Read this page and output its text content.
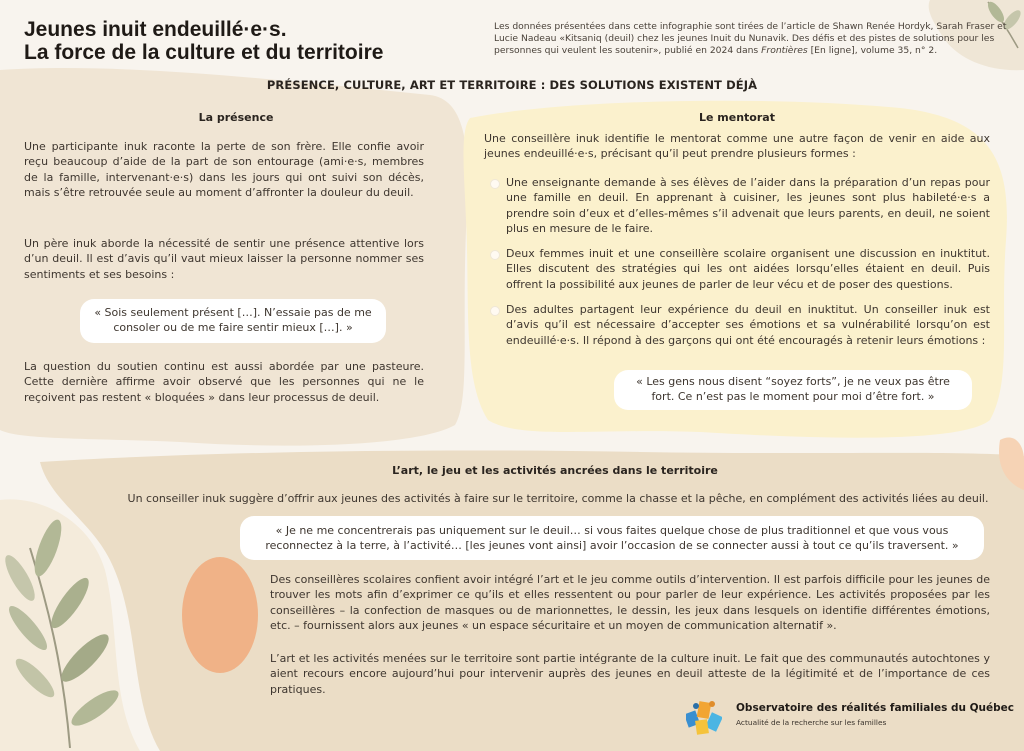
Jeunes inuit endeuillé·e·s.
La force de la culture et du territoire
Les données présentées dans cette infographie sont tirées de l’article de Shawn Renée Hordyk, Sarah Fraser et Lucie Nadeau «Kitsaniq (deuil) chez les jeunes Inuit du Nunavik. Des défis et des pistes de solutions pour les personnes qui veulent les soutenir», publié en 2024 dans Frontières [En ligne], volume 35, n° 2.
PRÉSENCE, CULTURE, ART ET TERRITOIRE : DES SOLUTIONS EXISTENT DÉJÀ
La présence
Une participante inuk raconte la perte de son frère. Elle confie avoir reçu beaucoup d’aide de la part de son entourage (ami·e·s, membres de la famille, intervenant·e·s) dans les jours qui ont suivi son décès, mais s’être retrouvée seule au moment d’affronter la douleur du deuil.
Un père inuk aborde la nécessité de sentir une présence attentive lors d’un deuil. Il est d’avis qu’il vaut mieux laisser la personne nommer ses sentiments et ses besoins :
« Sois seulement présent […]. N’essaie pas de me consoler ou de me faire sentir mieux […]. »
La question du soutien continu est aussi abordée par une pasteure. Cette dernière affirme avoir observé que les personnes qui ne le reçoivent pas restent « bloquées » dans leur processus de deuil.
Le mentorat
Une conseillère inuk identifie le mentorat comme une autre façon de venir en aide aux jeunes endeuillé·e·s, précisant qu’il peut prendre plusieurs formes :
Une enseignante demande à ses élèves de l’aider dans la préparation d’un repas pour une famille en deuil. En apprenant à cuisiner, les jeunes sont plus habileté·e·s a prendre soin d’eux et d’elles-mêmes s’il advenait que leurs parents, en deuil, ne soient plus en mesure de le faire.
Deux femmes inuit et une conseillère scolaire organisent une discussion en inuktitut. Elles discutent des stratégies qui les ont aidées lorsqu’elles étaient en deuil. Puis offrent la possibilité aux jeunes de parler de leur vécu et de poser des questions.
Des adultes partagent leur expérience du deuil en inuktitut. Un conseiller inuk est d’avis qu’il est nécessaire d’accepter ses émotions et sa vulnérabilité lorsqu’on est endeuillé·e·s. Il répond à des garçons qui ont été encouragés à retenir leurs émotions :
« Les gens nous disent “soyez forts”, je ne veux pas être fort. Ce n’est pas le moment pour moi d’être fort. »
L’art, le jeu et les activités ancrées dans le territoire
Un conseiller inuk suggère d’offrir aux jeunes des activités à faire sur le territoire, comme la chasse et la pêche, en complément des activités liées au deuil.
« Je ne me concentrerais pas uniquement sur le deuil… si vous faites quelque chose de plus traditionnel et que vous vous reconnectez à la terre, à l’activité… [les jeunes vont ainsi] avoir l’occasion de se connecter aussi à tout ce qu’ils traversent. »
Des conseillères scolaires confient avoir intégré l’art et le jeu comme outils d’intervention. Il est parfois difficile pour les jeunes de trouver les mots afin d’exprimer ce qu’ils et elles ressentent ou pour parler de leur expérience. Les activités proposées par les conseillères – la confection de masques ou de marionnettes, le dessin, les jeux dans lesquels on identifie différentes émotions, etc. – fournissent alors aux jeunes « un espace sécuritaire et un moyen de communication alternatif ».
L’art et les activités menées sur le territoire sont partie intégrante de la culture inuit. Le fait que des communautés autochtones y aient recours encore aujourd’hui pour intervenir auprès des jeunes en deuil atteste de la légitimité et de l’importance de ces pratiques.
Observatoire des réalités familiales du Québec
Actualité de la recherche sur les familles
